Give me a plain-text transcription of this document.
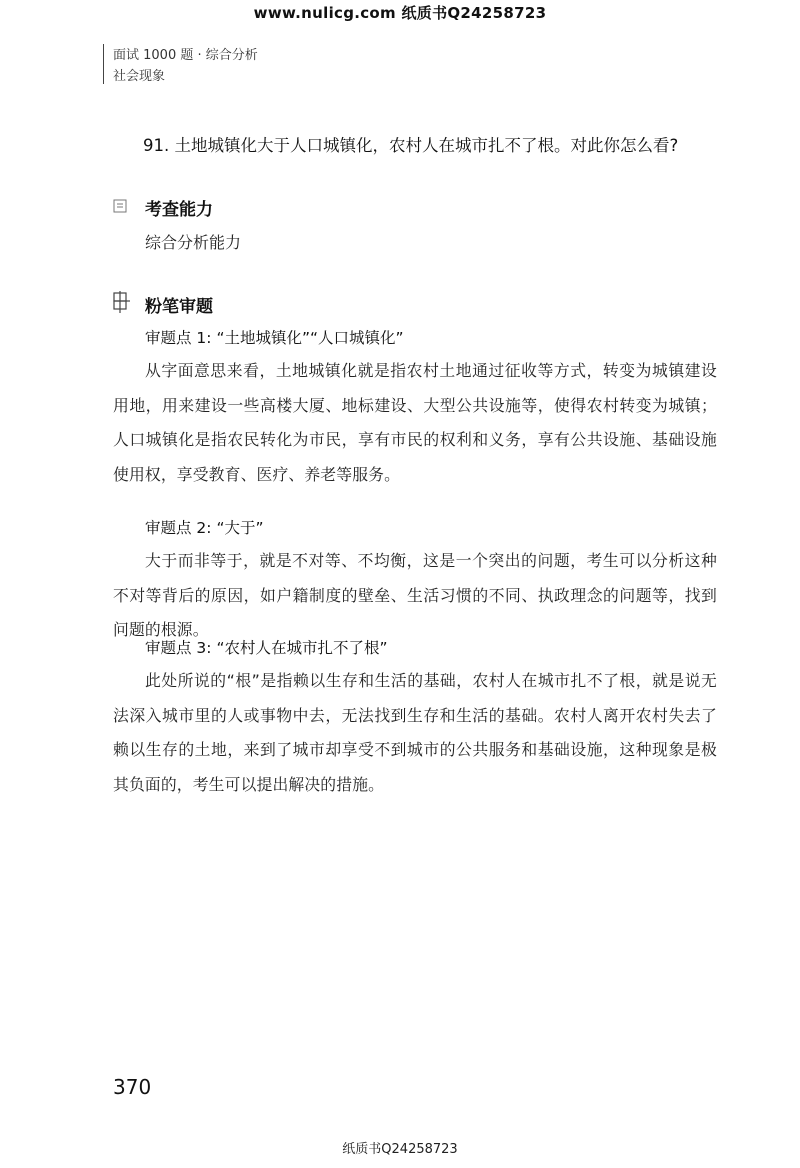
www.nulicg.com 纸质书Q24258723
面试 1000 题 · 综合分析
社会现象
91. 土地城镇化大于人口城镇化，农村人在城市扎不了根。对此你怎么看?
考查能力
综合分析能力
粉笔审题
审题点 1: “土地城镇化”“人口城镇化”
从字面意思来看，土地城镇化就是指农村土地通过征收等方式，转变为城镇建设用地，用来建设一些高楼大厦、地标建设、大型公共设施等，使得农村转变为城镇；人口城镇化是指农民转化为市民，享有市民的权利和义务，享有公共设施、基础设施使用权，享受教育、医疗、养老等服务。
审题点 2: “大于”
大于而非等于，就是不对等、不均衡，这是一个突出的问题，考生可以分析这种不对等背后的原因，如户籍制度的壁垒、生活习惯的不同、执政理念的问题等，找到问题的根源。
审题点 3: “农村人在城市扎不了根”
此处所说的“根”是指赖以生存和生活的基础，农村人在城市扎不了根，就是说无法深入城市里的人或事物中去，无法找到生存和生活的基础。农村人离开农村失去了赖以生存的土地，来到了城市却享受不到城市的公共服务和基础设施，这种现象是极其负面的，考生可以提出解决的措施。
370
纸质书Q24258723
